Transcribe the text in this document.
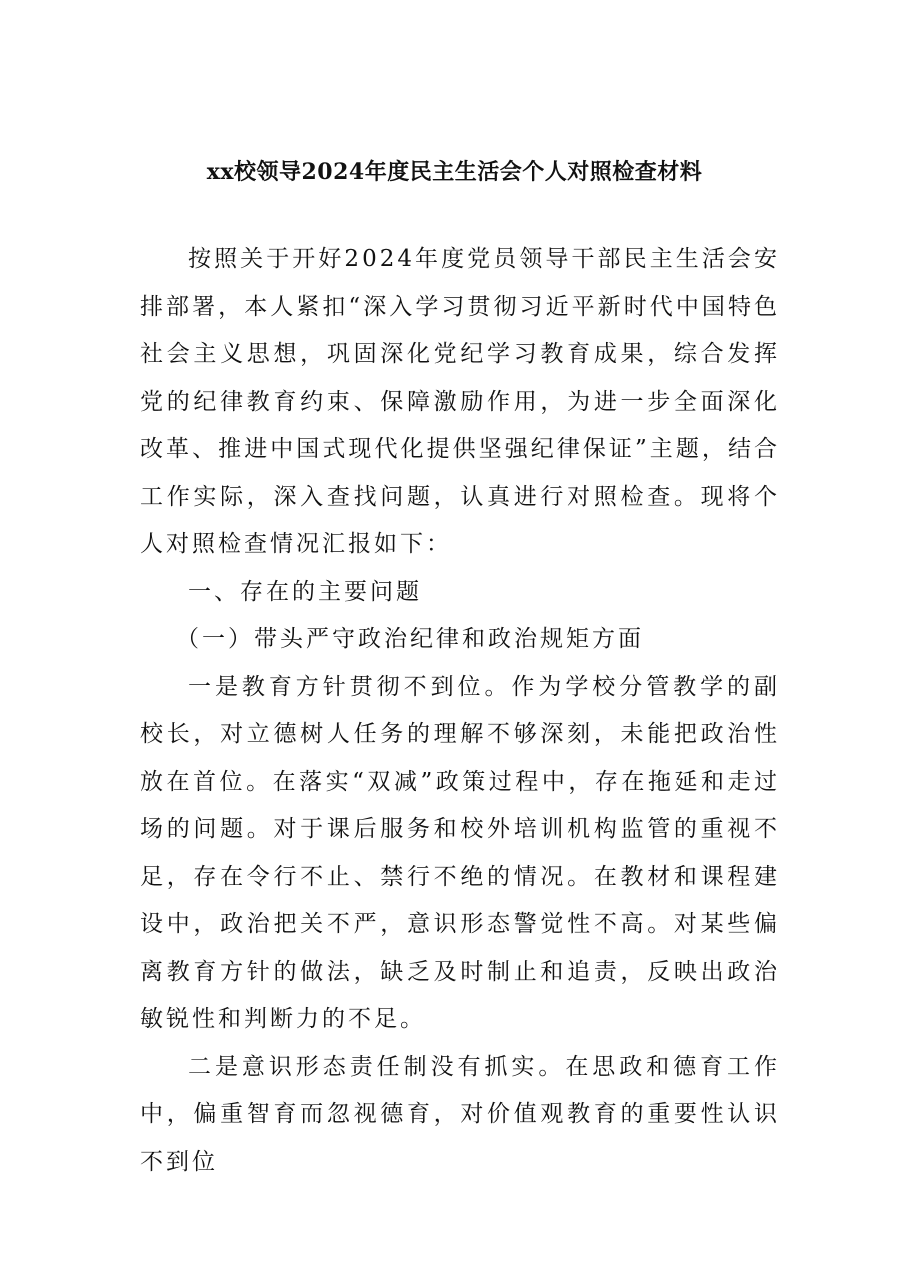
xx校领导2024年度民主生活会个人对照检查材料

按照关于开好2024年度党员领导干部民主生活会安排部署，本人紧扣“深入学习贯彻习近平新时代中国特色社会主义思想，巩固深化党纪学习教育成果，综合发挥党的纪律教育约束、保障激励作用，为进一步全面深化改革、推进中国式现代化提供坚强纪律保证”主题，结合工作实际，深入查找问题，认真进行对照检查。现将个人对照检查情况汇报如下：

一、存在的主要问题

（一）带头严守政治纪律和政治规矩方面

一是教育方针贯彻不到位。作为学校分管教学的副校长，对立德树人任务的理解不够深刻，未能把政治性放在首位。在落实“双减”政策过程中，存在拖延和走过场的问题。对于课后服务和校外培训机构监管的重视不足，存在令行不止、禁行不绝的情况。在教材和课程建设中，政治把关不严，意识形态警觉性不高。对某些偏离教育方针的做法，缺乏及时制止和追责，反映出政治敏锐性和判断力的不足。

二是意识形态责任制没有抓实。在思政和德育工作中，偏重智育而忽视德育，对价值观教育的重要性认识不到位
